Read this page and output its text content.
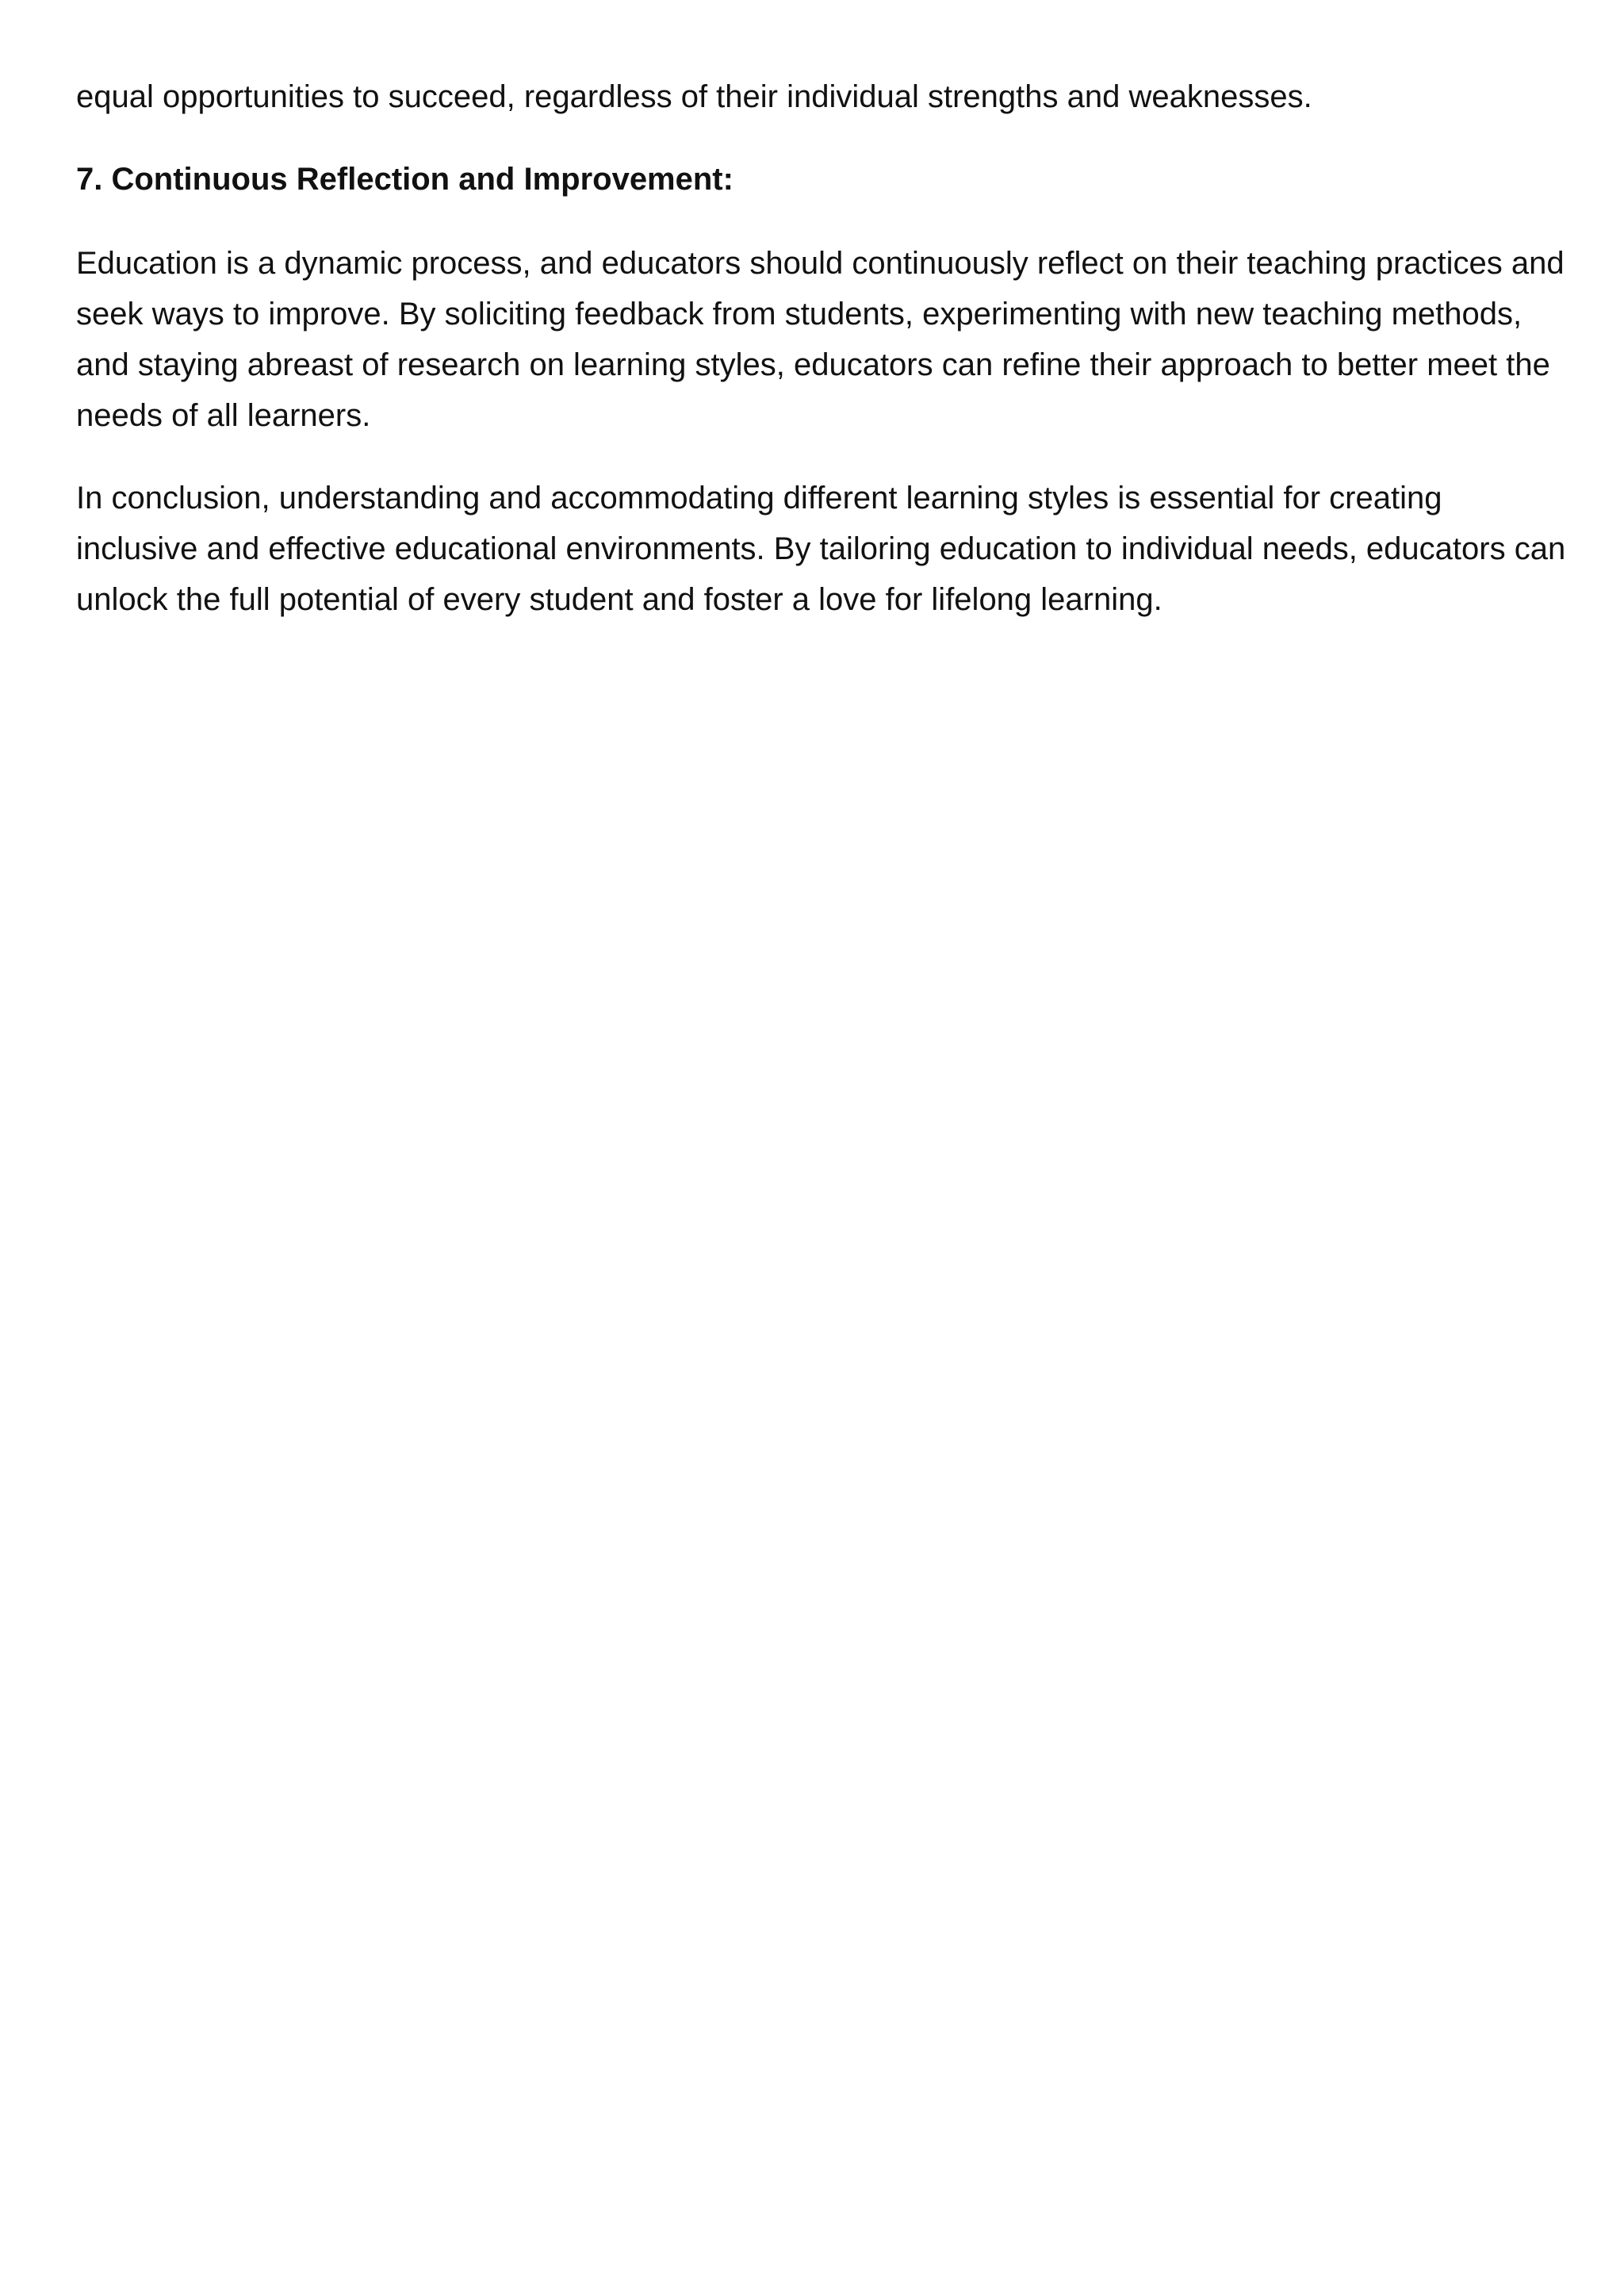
equal opportunities to succeed, regardless of their individual strengths and weaknesses.

7. Continuous Reflection and Improvement:

Education is a dynamic process, and educators should continuously reflect on their teaching practices and seek ways to improve. By soliciting feedback from students, experimenting with new teaching methods, and staying abreast of research on learning styles, educators can refine their approach to better meet the needs of all learners.

In conclusion, understanding and accommodating different learning styles is essential for creating inclusive and effective educational environments. By tailoring education to individual needs, educators can unlock the full potential of every student and foster a love for lifelong learning.
